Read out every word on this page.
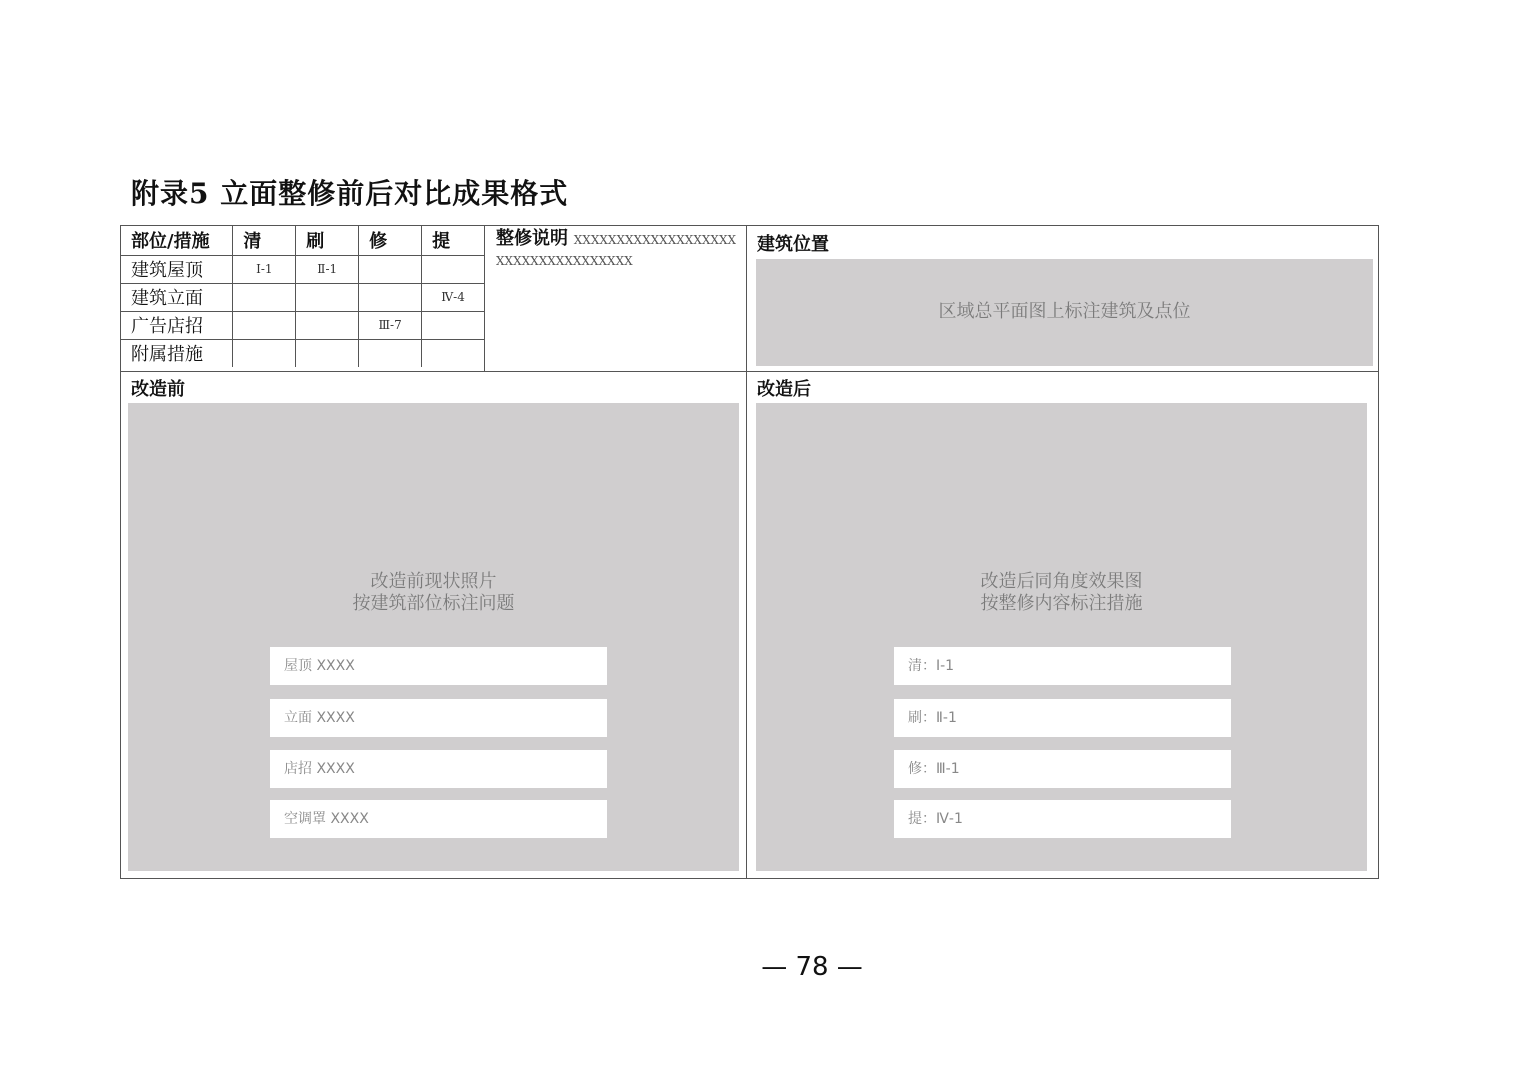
附录5 立面整修前后对比成果格式
部位/措施	清	刷	修	提
建筑屋顶	Ⅰ-1	Ⅱ-1		
建筑立面				Ⅳ-4
广告店招			Ⅲ-7	
附属措施				
整修说明 XXXXXXXXXXXXXXXXXXXXXXXXXXXXXXXXXXX
建筑位置
区域总平面图上标注建筑及点位
改造前
改造前现状照片
按建筑部位标注问题
屋顶 XXXX
立面 XXXX
店招 XXXX
空调罩 XXXX
改造后
改造后同角度效果图
按整修内容标注措施
清：Ⅰ-1
刷：Ⅱ-1
修：Ⅲ-1
提：Ⅳ-1
— 78 —
